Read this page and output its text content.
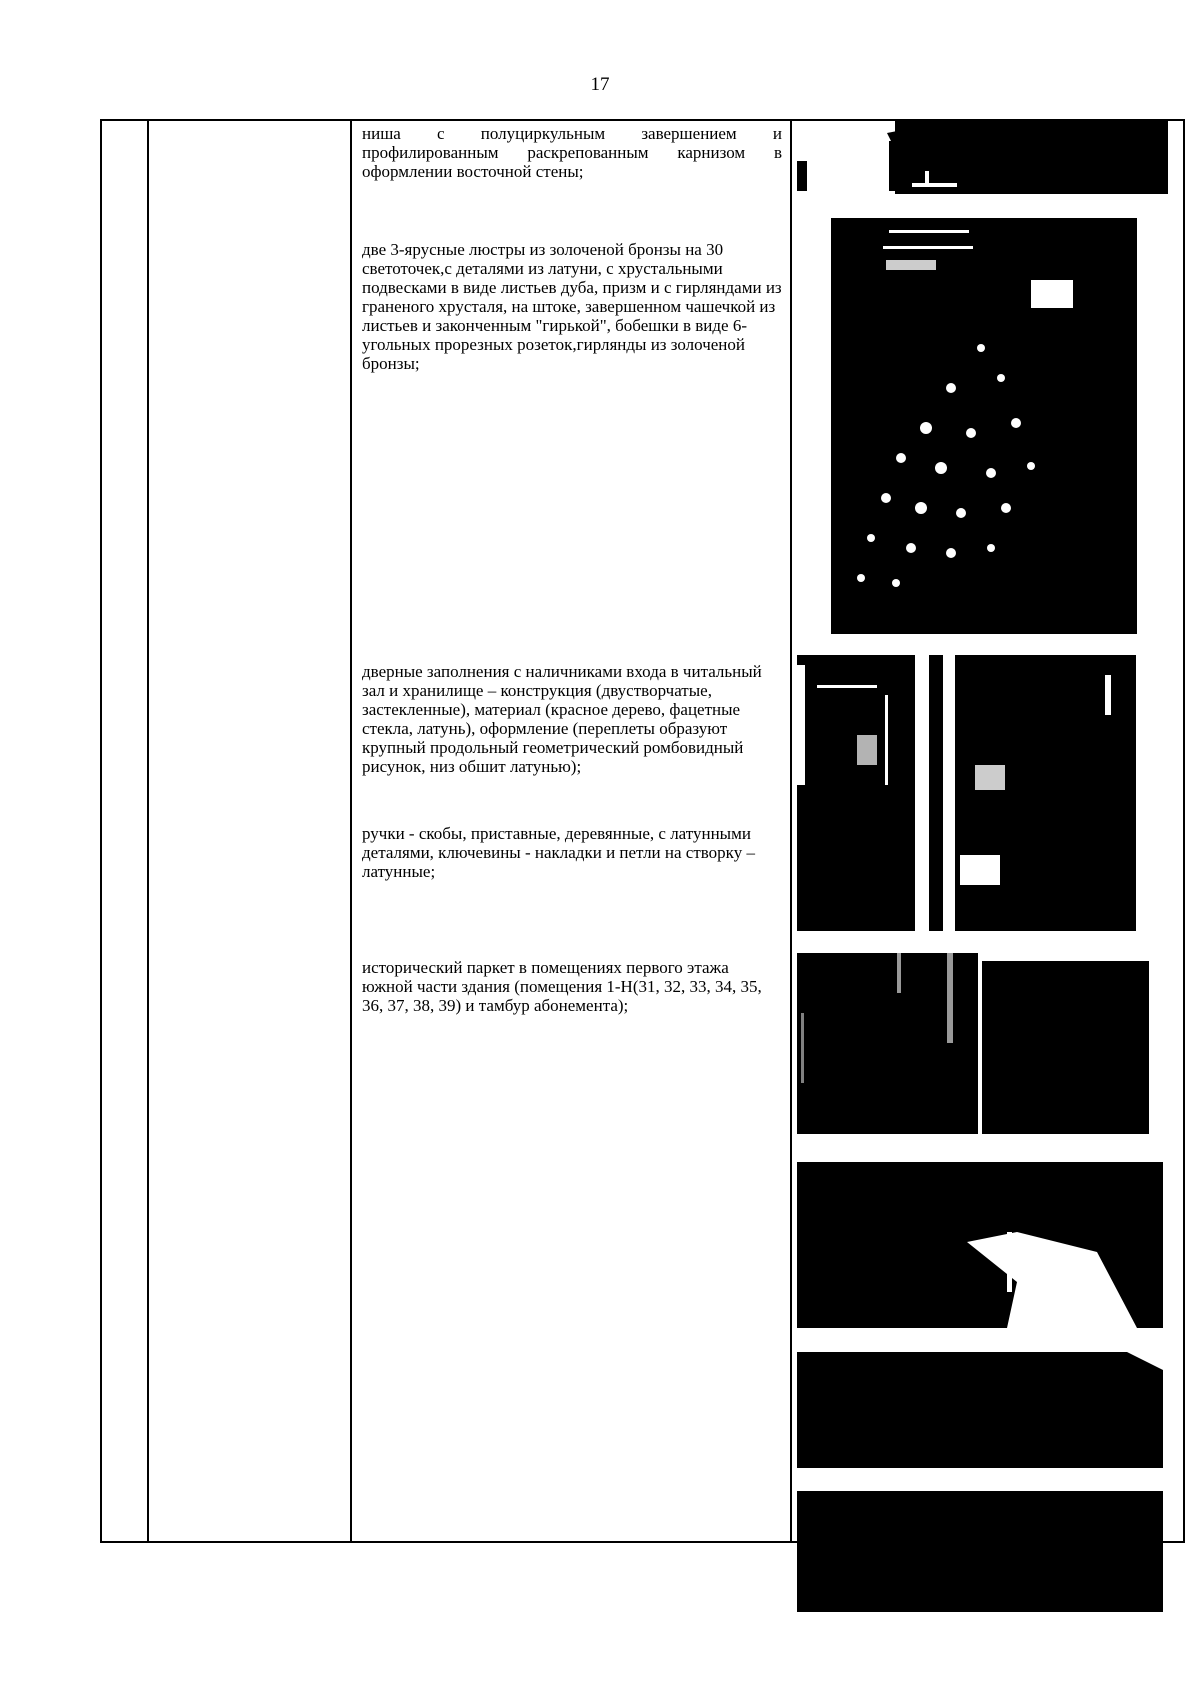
17
ниша с полуциркульным завершением и профилированным раскрепованным карнизом в оформлении восточной стены;
две 3-ярусные люстры из золоченой бронзы на 30 светоточек,с деталями из латуни, с хрустальными подвесками в виде листьев дуба, призм и с гирляндами из граненого хрусталя, на штоке, завершенном чашечкой из листьев и законченным "гирькой", бобешки в виде 6-угольных прорезных розеток,гирлянды из золоченой бронзы;
дверные заполнения с наличниками входа в читальный зал и хранилище – конструкция (двустворчатые, застекленные), материал (красное дерево, фацетные стекла, латунь), оформление (переплеты образуют крупный продольный геометрический ромбовидный рисунок, низ обшит латунью);
ручки - скобы, приставные, деревянные, с латунными деталями, ключевины - накладки и петли на створку – латунные;
исторический паркет в помещениях первого этажа южной части здания (помещения 1-Н(31, 32, 33, 34, 35, 36, 37, 38, 39) и тамбур абонемента);
